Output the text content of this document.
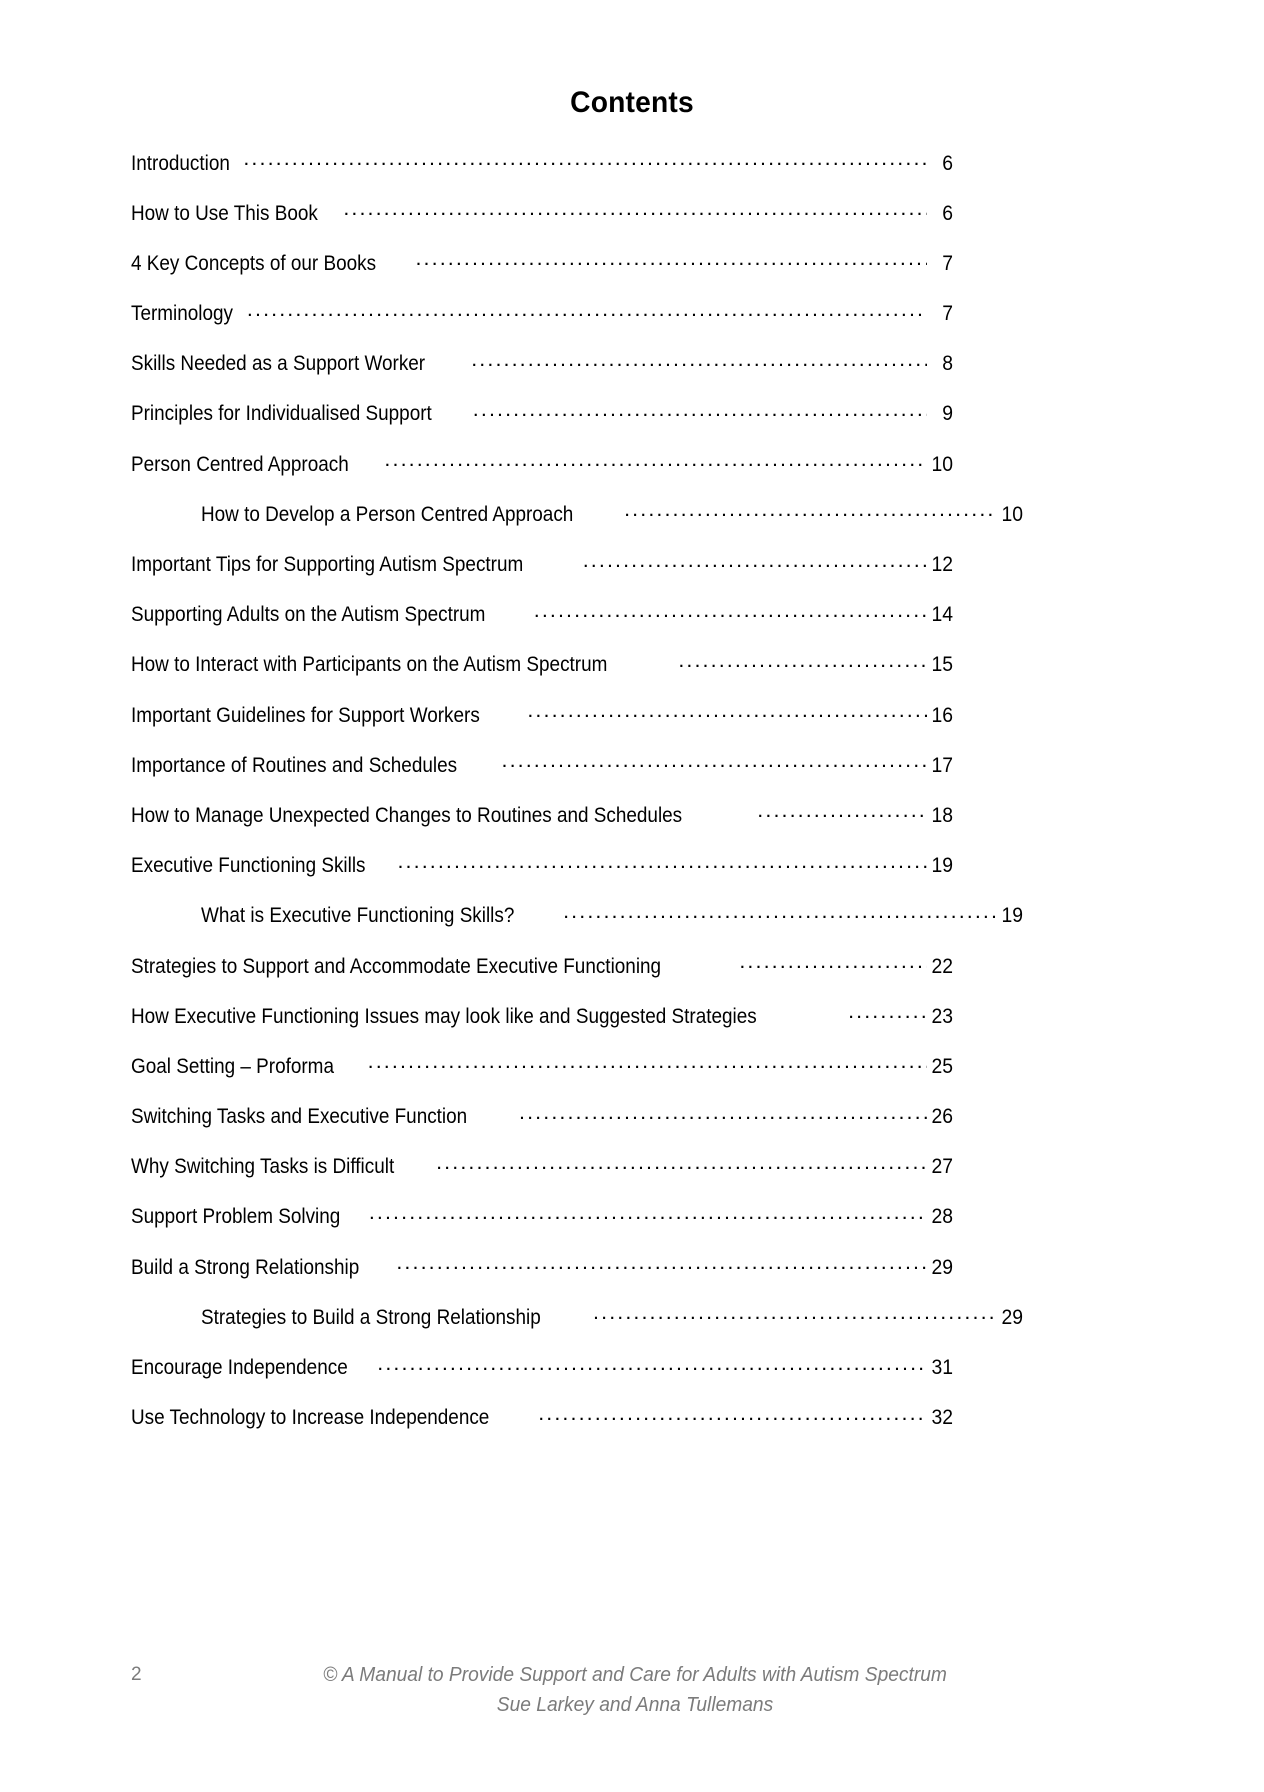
Contents
Introduction .....	6
How to Use This Book .....	6
4 Key Concepts of our Books .....	7
Terminology .....	7
Skills Needed as a Support Worker .....	8
Principles for Individualised Support .....	9
Person Centred Approach .....	10
How to Develop a Person Centred Approach .....	10
Important Tips for Supporting Autism Spectrum .....	12
Supporting Adults on the Autism Spectrum .....	14
How to Interact with Participants on the Autism Spectrum .....	15
Important Guidelines for Support Workers .....	16
Importance of Routines and Schedules .....	17
How to Manage Unexpected Changes to Routines and Schedules .....	18
Executive Functioning Skills .....	19
What is Executive Functioning Skills? .....	19
Strategies to Support and Accommodate Executive Functioning .....	22
How Executive Functioning Issues may look like and Suggested Strategies .....	23
Goal Setting – Proforma .....	25
Switching Tasks and Executive Function .....	26
Why Switching Tasks is Difficult .....	27
Support Problem Solving .....	28
Build a Strong Relationship .....	29
Strategies to Build a Strong Relationship .....	29
Encourage Independence .....	31
Use Technology to Increase Independence .....	32
2	© A Manual to Provide Support and Care for Adults with Autism Spectrum
Sue Larkey and Anna Tullemans
